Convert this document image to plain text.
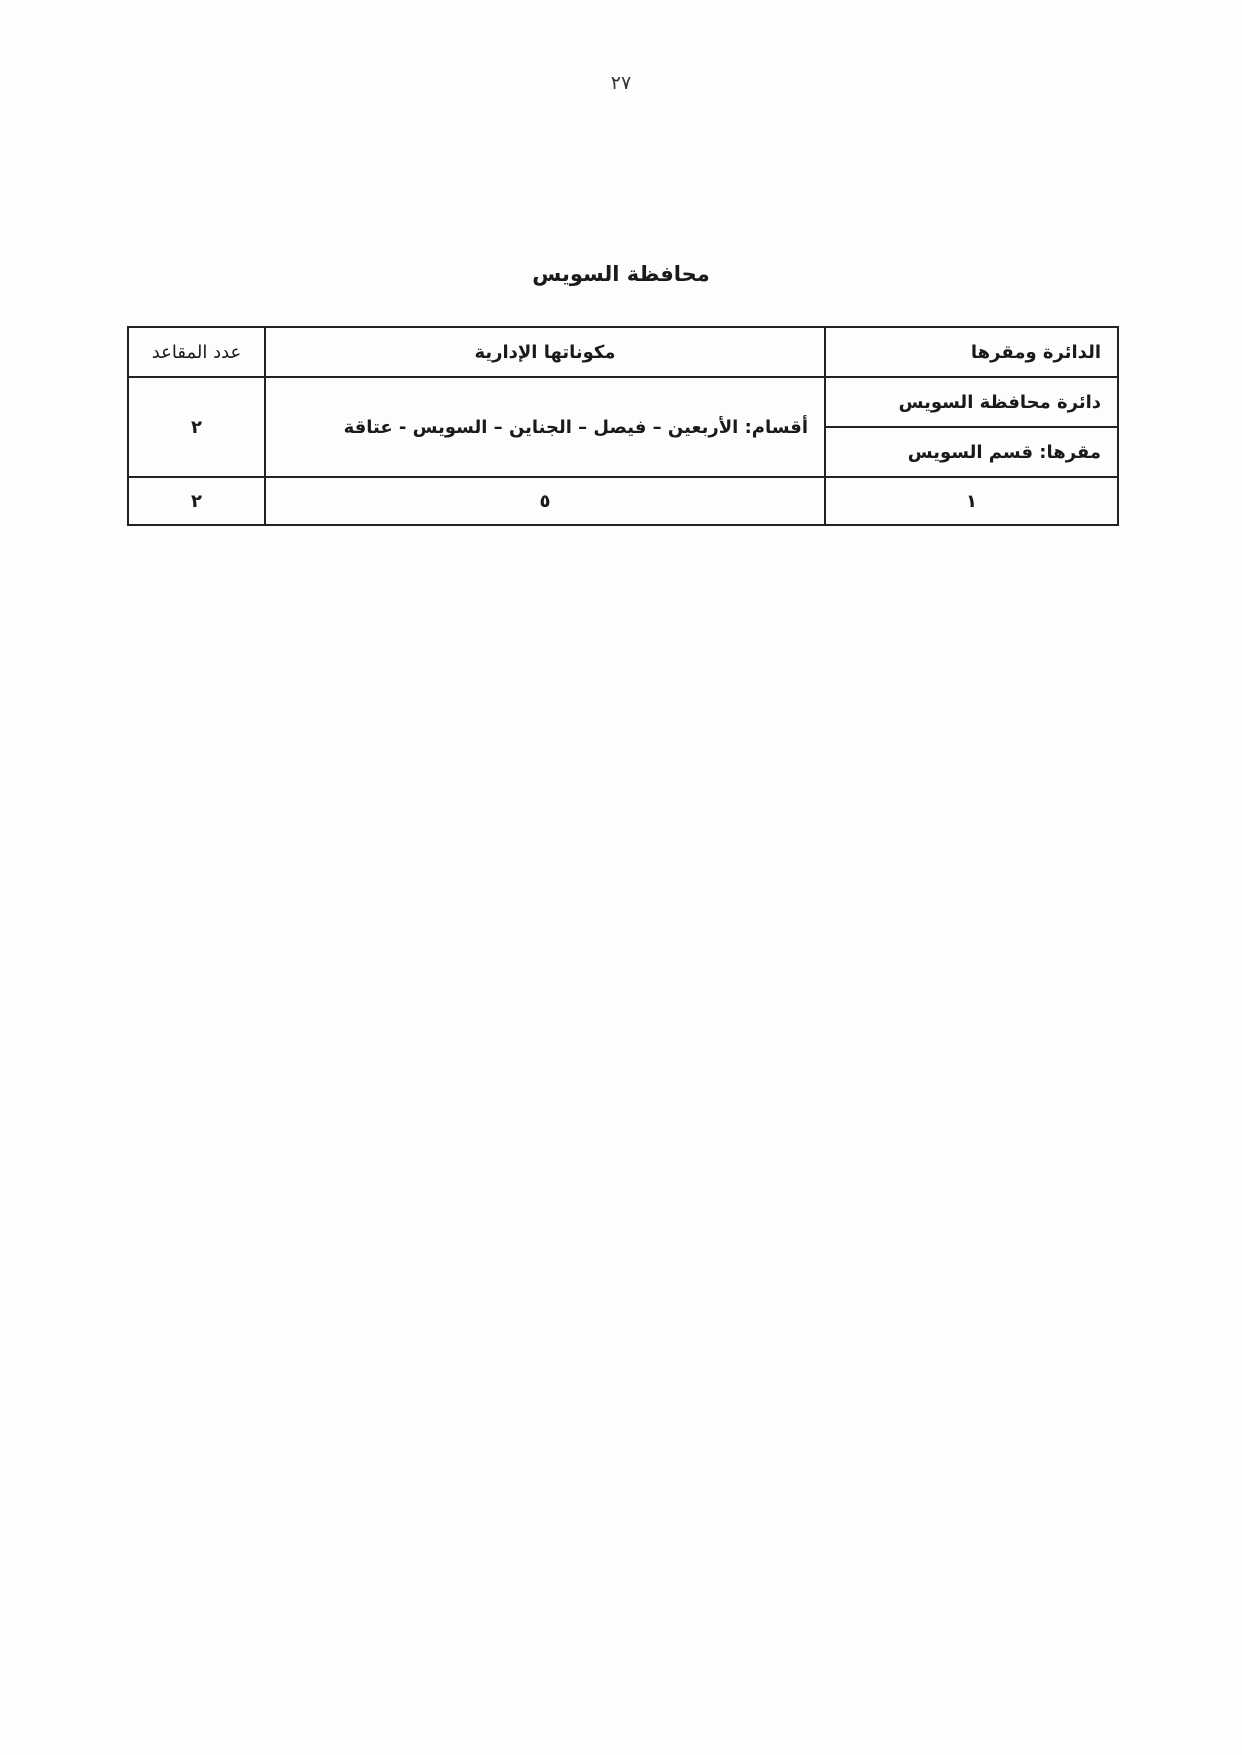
٢٧
محافظة السويس
الدائرة ومقرها	مكوناتها الإدارية	عدد المقاعد
دائرة محافظة السويس	أقسام: الأربعين – فيصل – الجناين – السويس - عتاقة	٢
مقرها: قسم السويس		
١	٥	٢
